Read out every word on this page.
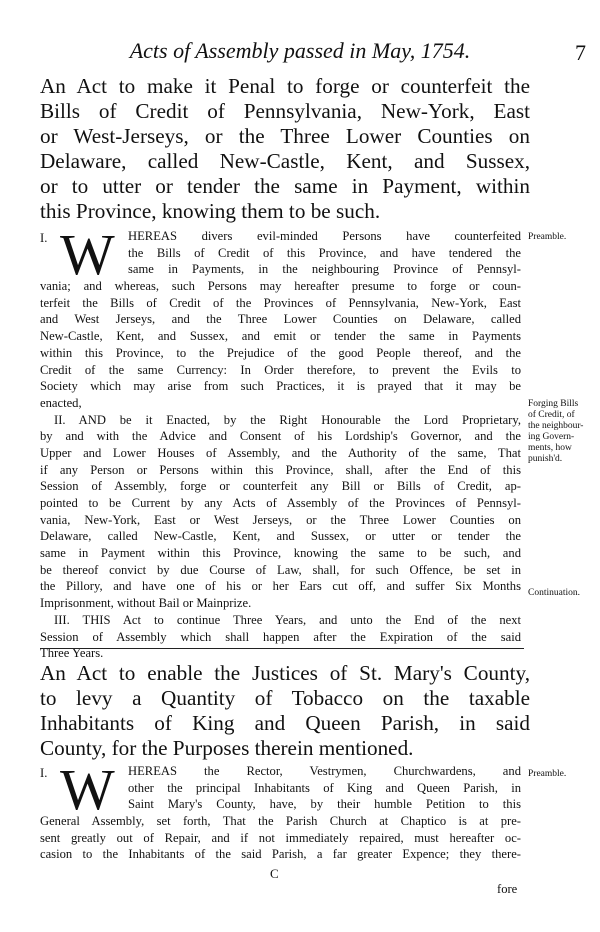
Acts of Assembly passed in May, 1754.	7
An Act to make it Penal to forge or counterfeit the
Bills of Credit of Pennsylvania, New-York, East
or West-Jerseys, or the Three Lower Counties on
Delaware, called New-Castle, Kent, and Sussex,
or to utter or tender the same in Payment, within
this Province, knowing them to be such.
I. W	HEREAS divers evil-minded Persons have counterfeited
the Bills of Credit of this Province, and have tendered the
same in Payments, in the neighbouring Province of Pennsyl-
vania; and whereas, such Persons may hereafter presume to forge or coun-
terfeit the Bills of Credit of the Provinces of Pennsylvania, New-York, East
and West Jerseys, and the Three Lower Counties on Delaware, called
New-Castle, Kent, and Sussex, and emit or tender the same in Payments
within this Province, to the Prejudice of the good People thereof, and the
Credit of the same Currency: In Order therefore, to prevent the Evils to
Society which may arise from such Practices, it is prayed that it may be
enacted,
II. AND be it Enacted, by the Right Honourable the Lord Proprietary,
by and with the Advice and Consent of his Lordship's Governor, and the
Upper and Lower Houses of Assembly, and the Authority of the same, That
if any Person or Persons within this Province, shall, after the End of this
Session of Assembly, forge or counterfeit any Bill or Bills of Credit, ap-
pointed to be Current by any Acts of Assembly of the Provinces of Pennsyl-
vania, New-York, East or West Jerseys, or the Three Lower Counties on
Delaware, called New-Castle, Kent, and Sussex, or utter or tender the
same in Payment within this Province, knowing the same to be such, and
be thereof convict by due Course of Law, shall, for such Offence, be set in
the Pillory, and have one of his or her Ears cut off, and suffer Six Months
Imprisonment, without Bail or Mainprize.
III. THIS Act to continue Three Years, and unto the End of the next
Session of Assembly which shall happen after the Expiration of the said
Three Years.
Preamble.
Forging Bills
of Credit, of
the neighbour-
ing Govern-
ments, how
punish'd.
Continuation.
An Act to enable the Justices of St. Mary's County,
to levy a Quantity of Tobacco on the taxable
Inhabitants of King and Queen Parish, in said
County, for the Purposes therein mentioned.
I. W	HEREAS the Rector, Vestrymen, Churchwardens, and
other the principal Inhabitants of King and Queen Parish, in
Saint Mary's County, have, by their humble Petition to this
General Assembly, set forth, That the Parish Church at Chaptico is at pre-
sent greatly out of Repair, and if not immediately repaired, must hereafter oc-
casion to the Inhabitants of the said Parish, a far greater Expence; they there-
Preamble.
C
fore
